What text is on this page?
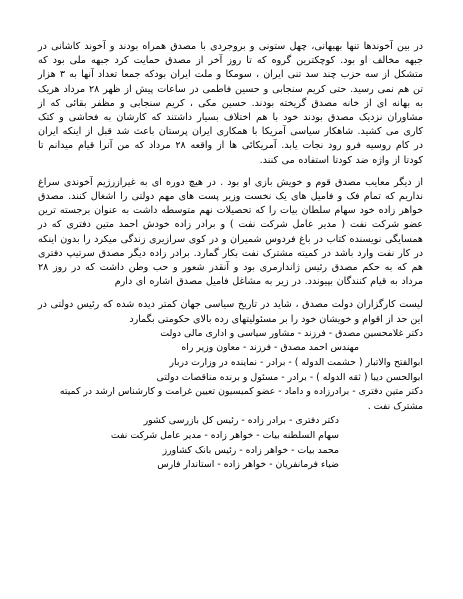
در بین آخوندها تنها بهبهانی، چهل ستونی و بروجردی با مصدق همراه بودند و آخوند کاشانی در جبهه مخالف او بود. کوچکترین گروه که تا روز آخر از مصدق حمایت کرد جبهه ملی بود که متشکل از سه حزب چند سد تنی ایران ، سومکا و ملت ایران بودکه جمعا تعداد آنها به ۳ هزار تن هم نمی رسید. حتی کریم سنجابی و حسین فاطمی در ساعات پیش از ظهر ۲۸ مرداد هریک به بهانه ای از خانه مصدق گریخته بودند. حسین مکی ، کریم سنجابی و مظفر بقائی که از مشاوران نزدیک مصدق بودند خود با هم اختلاف بسیار داشتند که کارشان به فحاشی و کتک کاری می کشید. شاهکار سیاسی آمریکا با همکاری ایران پرستان باعث شد قبل از اینکه ایران در کام روسیه فرو رود نجات یابد. آمریکائی ها از واقعه ۲۸ مرداد که من آنرا قیام میدانم تا کودتا از واژه ضد کودتا استفاده می کنند.

از دیگر معایب مصدق قوم و خویش بازی او بود . در هیچ دوره ای به غیرازرژیم آخوندی سراغ نداریم که تمام فک و فامیل های یک نخست وزیر پست های مهم دولتی را اشغال کنند. مصدق خواهر زاده خود سهام سلطان بیات را که تحصیلات نهم متوسطه داشت به عنوان برجسته ترین عضو شرکت نفت ( مدیر عامل شرکت نفت ) و برادر زاده خودش احمد متین دفتری که در همسایگی نویسنده کتاب در باغ فردوس شمیران و در کوی سرازیری زندگی میکرد را بدون اینکه در کار نفت وارد باشد در کمیته مشترک نفت بکار گمارد. برادر زاده دیگر مصدق سرتیپ دفتری هم که به حکم مصدق رئیس ژاندارمری بود و آنقدر شعور و حب وطن داشت که در روز ۲۸ مرداد به قیام کنندگان بپیوندد. در زیر به مشاغل فامیل مصدق اشاره ای دارم

لیست کارگزاران دولت مصدق ، شاید در تاریخ سیاسی جهان کمتر دیده شده که رئیس دولتی در این حد از اقوام و خویشان خود را بر مسئولیتهای رده بالای حکومتی بگمارد

دکتر غلامحسین مصدق - فرزند - مشاور سیاسی و اداری مالی دولت
مهندس احمد مصدق - فرزند - معاون وزیر راه
ابوالفتح والاتبار ( حشمت الدوله ) - برادر - نماینده در وزارت دربار
ابوالحسن دیبا ( ثقه الدوله ) - برادر - مسئول و برنده مناقصات دولتی
دکتر متین دفتری - برادرزاده و داماد - عضو کمیسیون تعیین غرامت و کارشناس ارشد در کمیته مشترک نفت .
دکتر دفتری - برادر زاده - رئیس کل بازرسی کشور
سهام السلطنه بیات - خواهر زاده - مدیر عامل شرکت نفت
محمد بیات - خواهر زاده - رئیس بانک کشاورز
ضیاء فرمانفریان - خواهر زاده - استاندار فارس
